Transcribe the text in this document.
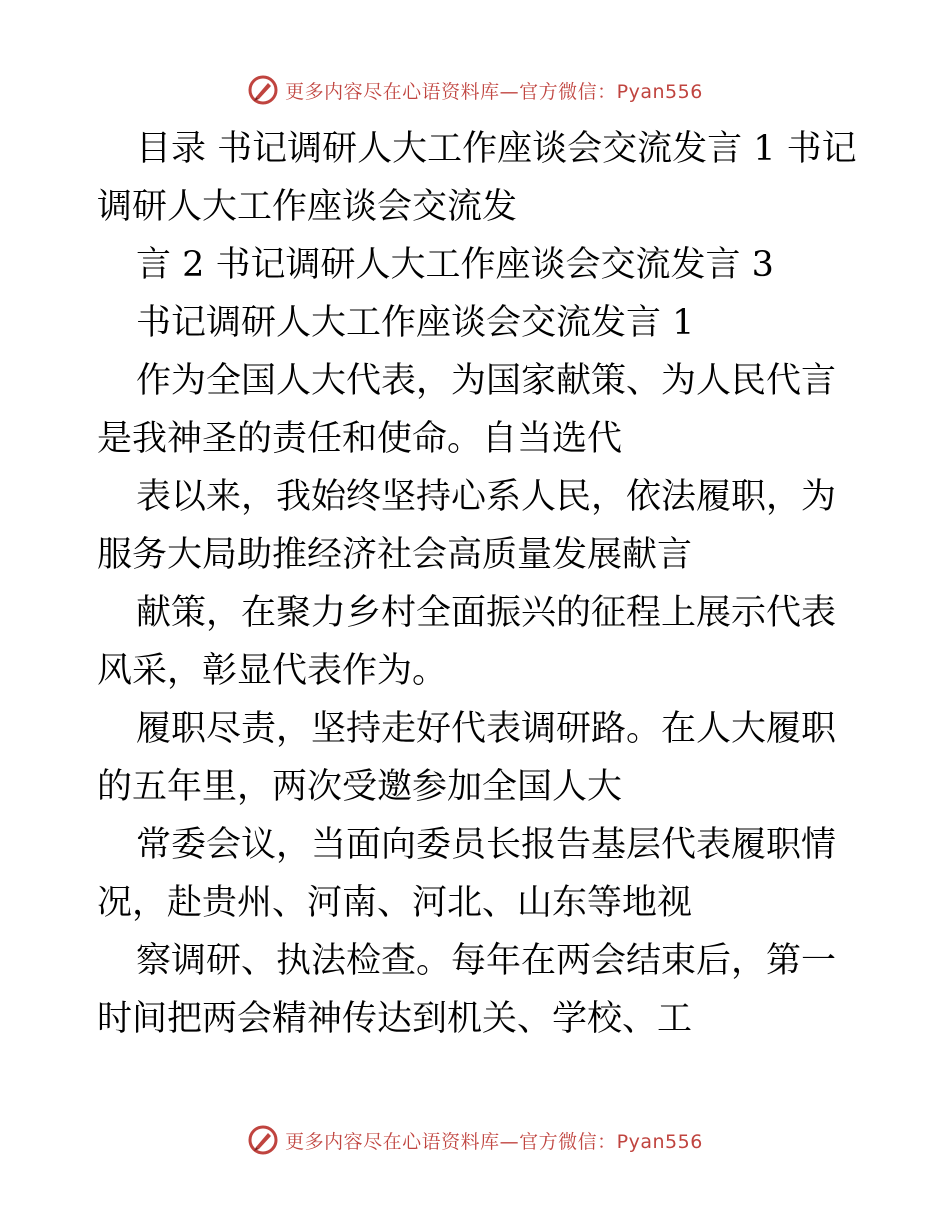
更多内容尽在心语资料库—官方微信：Pyan556

目录 书记调研人大工作座谈会交流发言 1 书记调研人大工作座谈会交流发

言 2 书记调研人大工作座谈会交流发言 3

书记调研人大工作座谈会交流发言 1

作为全国人大代表，为国家献策、为人民代言是我神圣的责任和使命。自当选代

表以来，我始终坚持心系人民，依法履职，为服务大局助推经济社会高质量发展献言

献策，在聚力乡村全面振兴的征程上展示代表风采，彰显代表作为。

履职尽责，坚持走好代表调研路。在人大履职的五年里，两次受邀参加全国人大

常委会议，当面向委员长报告基层代表履职情况，赴贵州、河南、河北、山东等地视

察调研、执法检查。每年在两会结束后，第一时间把两会精神传达到机关、学校、工

更多内容尽在心语资料库—官方微信：Pyan556
